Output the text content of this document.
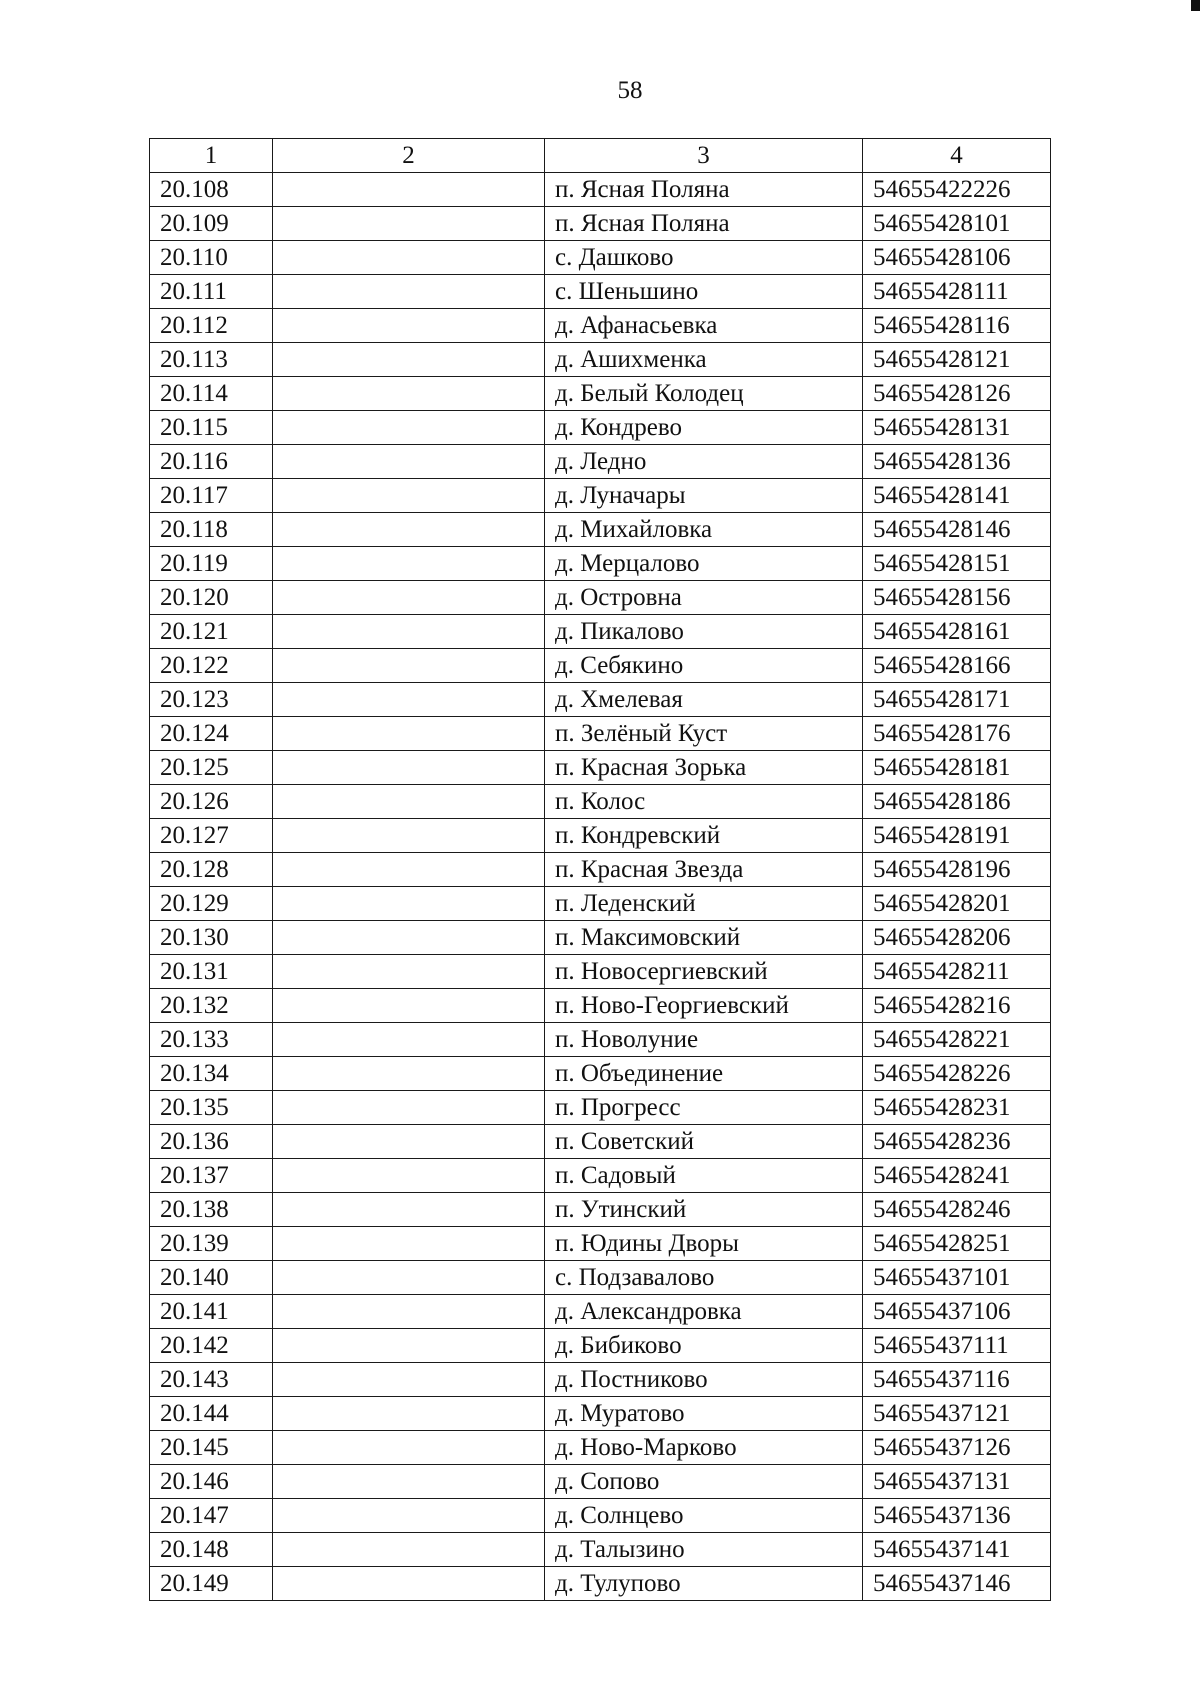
58
1	2	3	4
20.108		п. Ясная Поляна	54655422226
20.109		п. Ясная Поляна	54655428101
20.110		с. Дашково	54655428106
20.111		с. Шеньшино	54655428111
20.112		д. Афанасьевка	54655428116
20.113		д. Ашихменка	54655428121
20.114		д. Белый Колодец	54655428126
20.115		д. Кондрево	54655428131
20.116		д. Ледно	54655428136
20.117		д. Луначары	54655428141
20.118		д. Михайловка	54655428146
20.119		д. Мерцалово	54655428151
20.120		д. Островна	54655428156
20.121		д. Пикалово	54655428161
20.122		д. Себякино	54655428166
20.123		д. Хмелевая	54655428171
20.124		п. Зелёный Куст	54655428176
20.125		п. Красная Зорька	54655428181
20.126		п. Колос	54655428186
20.127		п. Кондревский	54655428191
20.128		п. Красная Звезда	54655428196
20.129		п. Леденский	54655428201
20.130		п. Максимовский	54655428206
20.131		п. Новосергиевский	54655428211
20.132		п. Ново-Георгиевский	54655428216
20.133		п. Новолуние	54655428221
20.134		п. Объединение	54655428226
20.135		п. Прогресс	54655428231
20.136		п. Советский	54655428236
20.137		п. Садовый	54655428241
20.138		п. Утинский	54655428246
20.139		п. Юдины Дворы	54655428251
20.140		с. Подзавалово	54655437101
20.141		д. Александровка	54655437106
20.142		д. Бибиково	54655437111
20.143		д. Постниково	54655437116
20.144		д. Муратово	54655437121
20.145		д. Ново-Марково	54655437126
20.146		д. Сопово	54655437131
20.147		д. Солнцево	54655437136
20.148		д. Талызино	54655437141
20.149		д. Тулупово	54655437146
